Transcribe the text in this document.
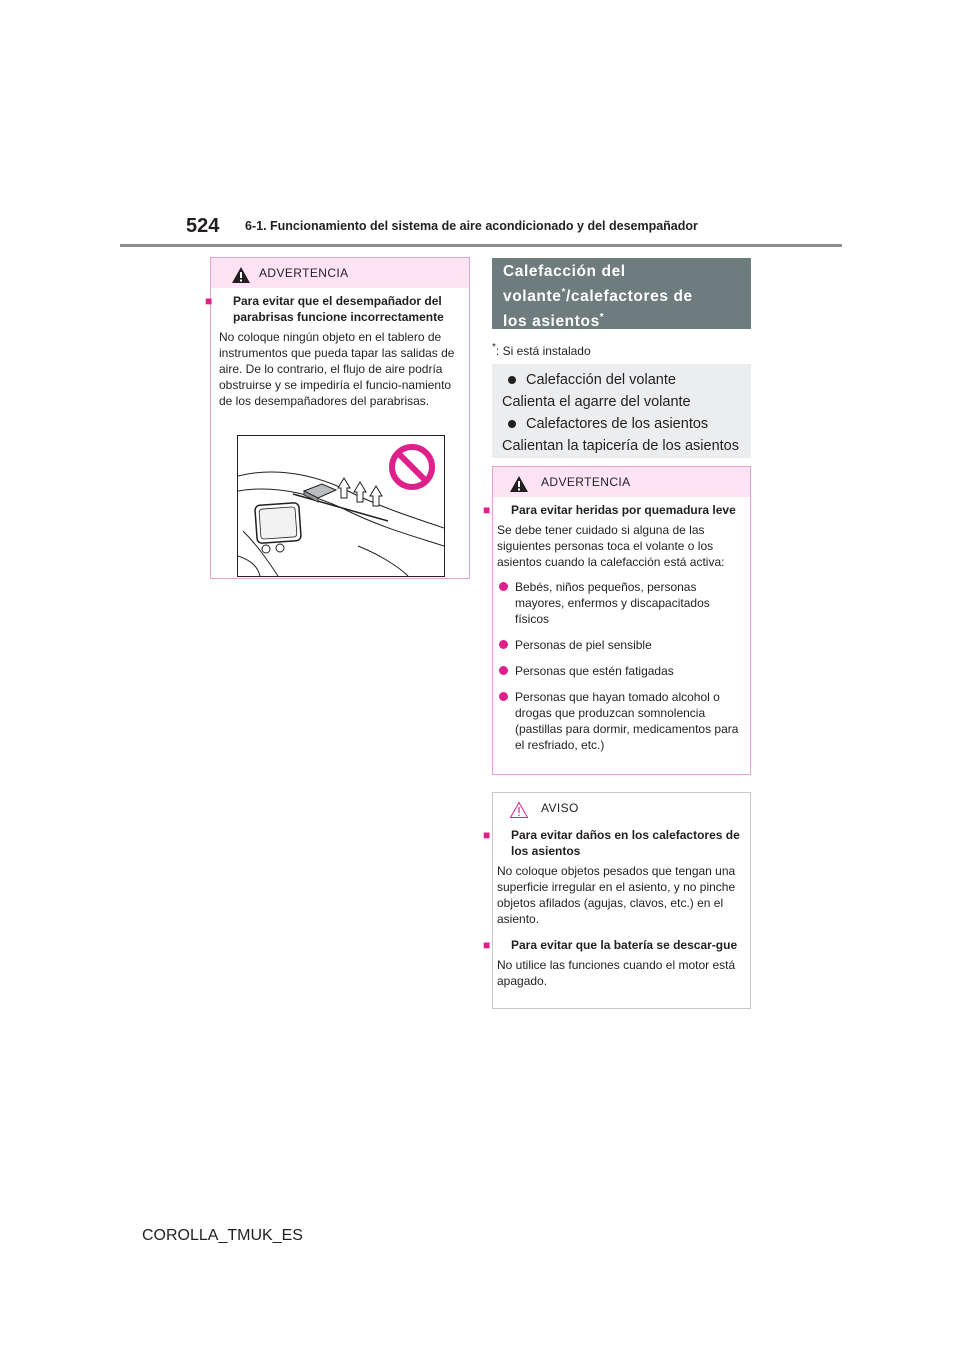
524 6-1. Funcionamiento del sistema de aire acondicionado y del desempañador
ADVERTENCIA

■ Para evitar que el desempañador del parabrisas funcione incorrectamente

No coloque ningún objeto en el tablero de instrumentos que pueda tapar las salidas de aire. De lo contrario, el flujo de aire podría obstruirse y se impediría el funcio-namiento de los desempañadores del parabrisas.

Calefacción del
volante*/calefactores de
los asientos*
*: Si está instalado
Calefacción del volante
Calienta el agarre del volante
Calefactores de los asientos
Calientan la tapicería de los asientos
ADVERTENCIA

■ Para evitar heridas por quemadura leve

Se debe tener cuidado si alguna de las siguientes personas toca el volante o los asientos cuando la calefacción está activa:

Bebés, niños pequeños, personas mayores, enfermos y discapacitados físicos

Personas de piel sensible

Personas que estén fatigadas

Personas que hayan tomado alcohol o drogas que produzcan somnolencia (pastillas para dormir, medicamentos para el resfriado, etc.)

AVISO

■ Para evitar daños en los calefactores de los asientos

No coloque objetos pesados que tengan una superficie irregular en el asiento, y no pinche objetos afilados (agujas, clavos, etc.) en el asiento.

■ Para evitar que la batería se descar-gue

No utilice las funciones cuando el motor está apagado.

COROLLA_TMUK_ES
